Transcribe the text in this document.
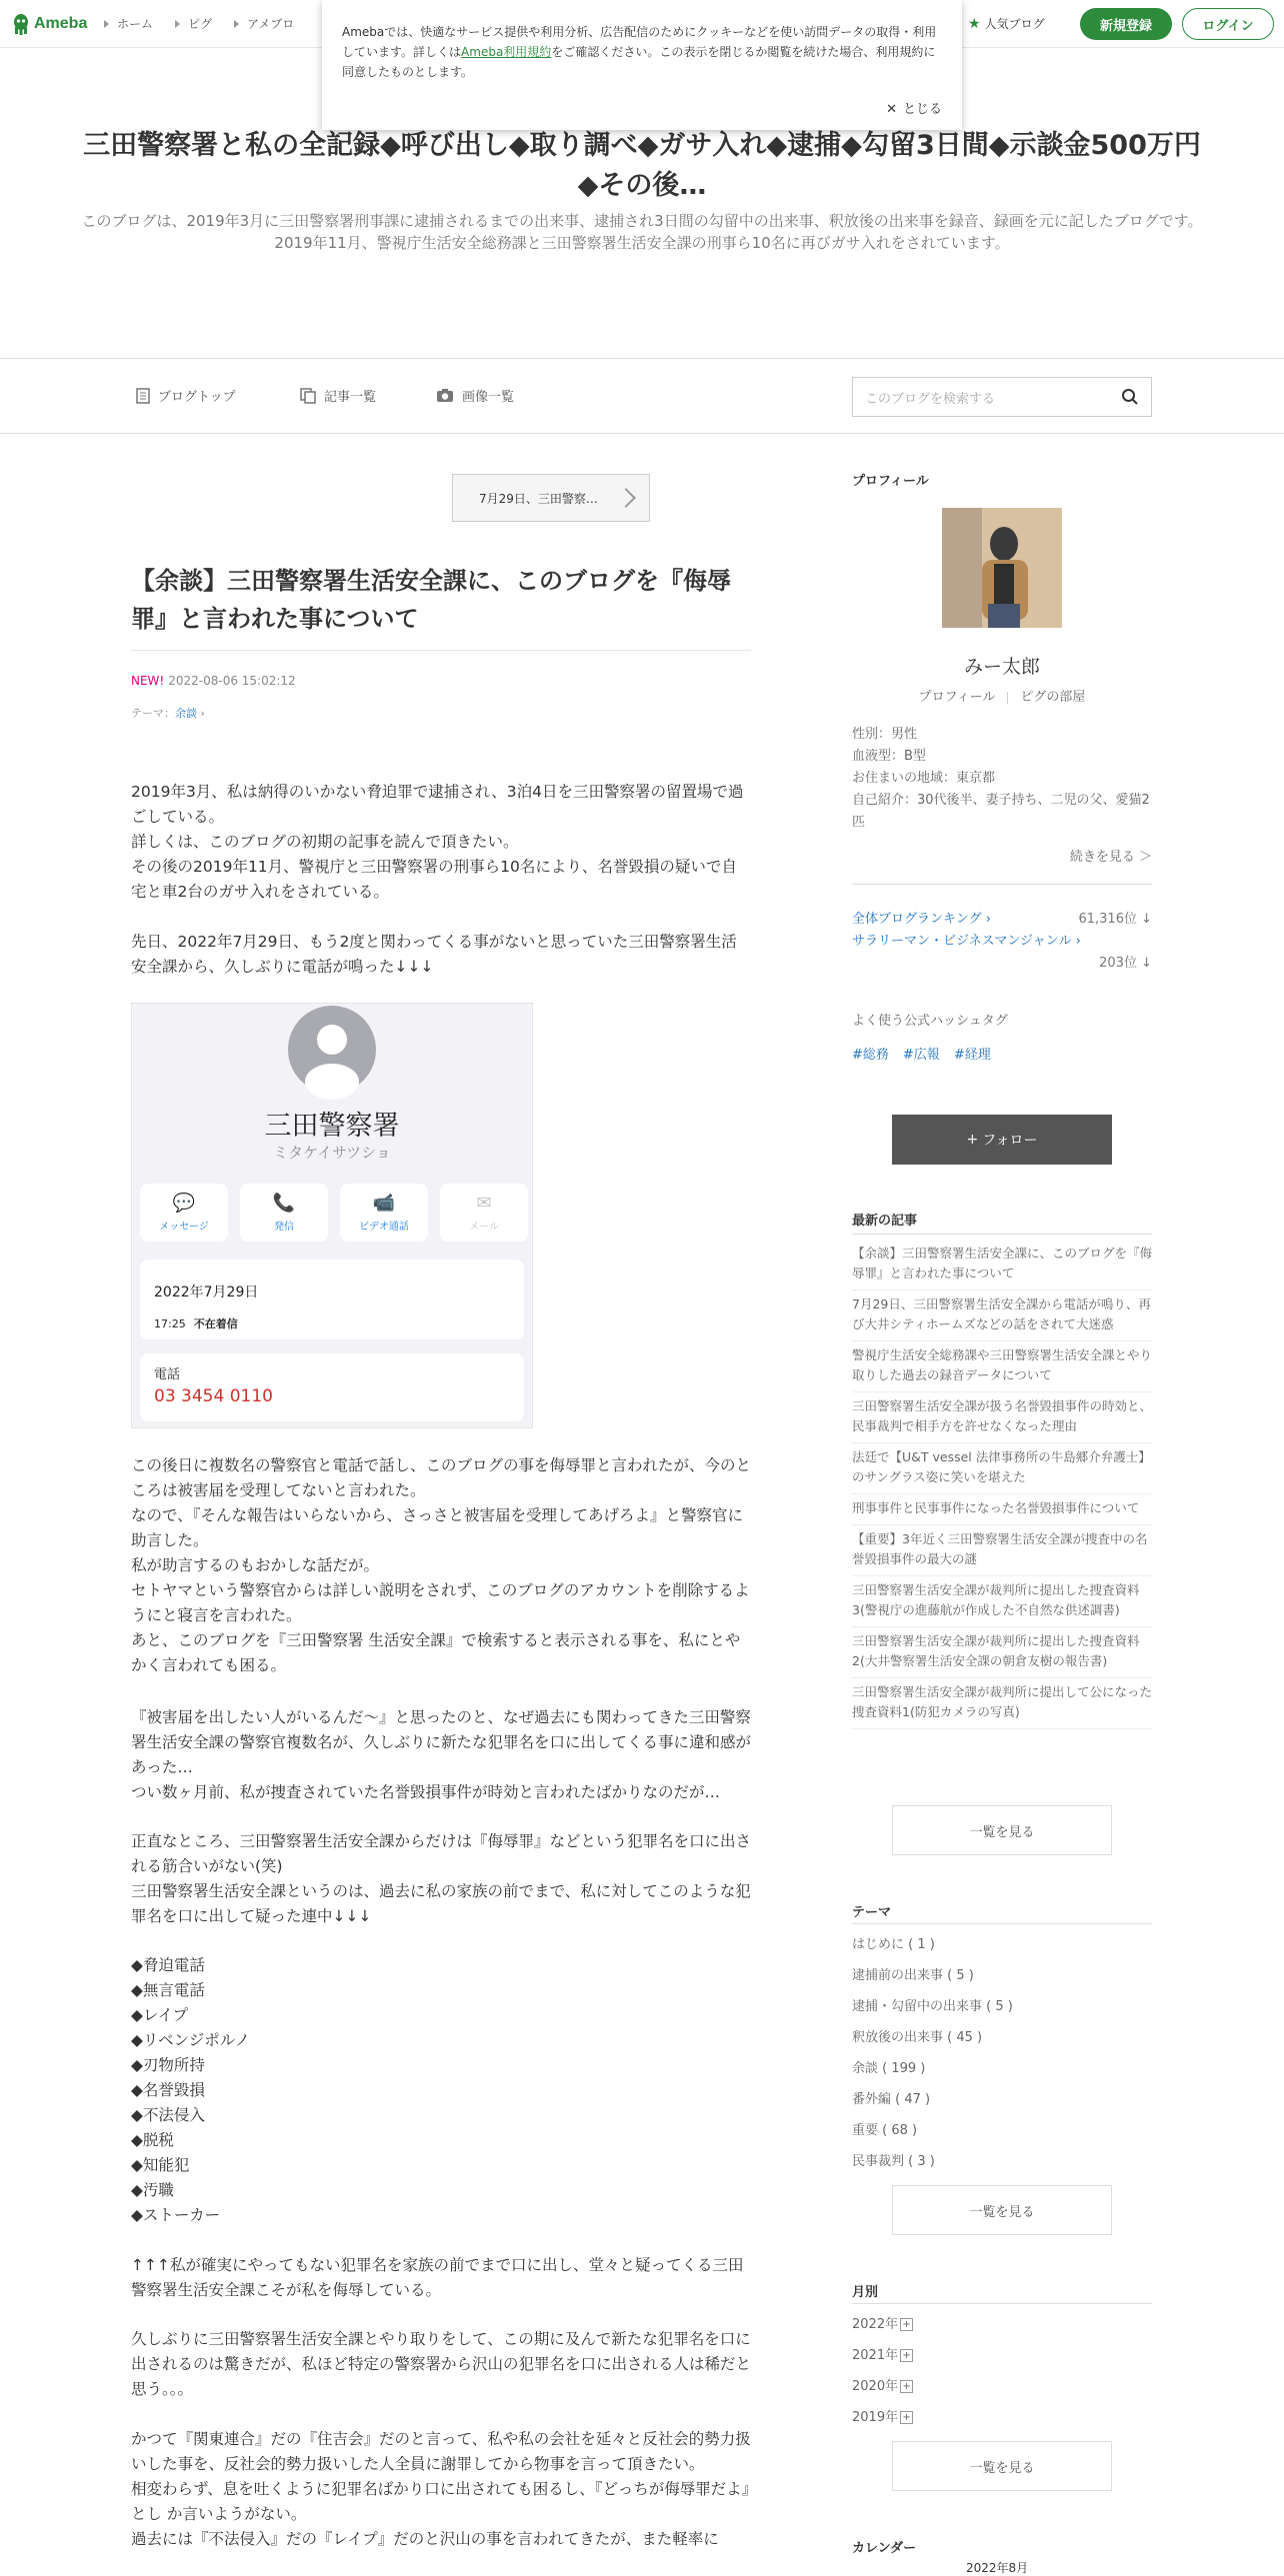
Ameba ホーム	ピグ	アメブロ	★ 人気ブログ	新規登録	ログイン
Amebaでは、快適なサービス提供や利用分析、広告配信のためにクッキーなどを使い訪問データの取得・利用しています。詳しくはAmeba利用規約をご確認ください。この表示を閉じるか閲覧を続けた場合、利用規約に同意したものとします。
✕ とじる
三田警察署と私の全記録◆呼び出し◆取り調べ◆ガサ入れ◆逮捕◆勾留3日間◆示談金500万円◆その後…
このブログは、2019年3月に三田警察署刑事課に逮捕されるまでの出来事、逮捕され3日間の勾留中の出来事、釈放後の出来事を録音、録画を元に記したブログです。
2019年11月、警視庁生活安全総務課と三田警察署生活安全課の刑事ら10名に再びガサ入れをされています。
ブログトップ	記事一覧	画像一覧	このブログを検索する
7月29日、三田警察…
【余談】三田警察署生活安全課に、このブログを『侮辱罪』と言われた事について
NEW! 2022-08-06 15:02:12
テーマ：余談 ›
2019年3月、私は納得のいかない脅迫罪で逮捕され、3泊4日を三田警察署の留置場で過ごしている。
詳しくは、このブログの初期の記事を読んで頂きたい。
その後の2019年11月、警視庁と三田警察署の刑事ら10名により、名誉毀損の疑いで自宅と車2台のガサ入れをされている。
先日、2022年7月29日、もう2度と関わってくる事がないと思っていた三田警察署生活安全課から、久しぶりに電話が鳴った↓↓↓
三田警察署
ミタケイサツショ
💬
メッセージ
📞
発信
📹
ビデオ通話
✉
メール
2022年7月29日
17:25 不在着信
電話
03 3454 0110
この後日に複数名の警察官と電話で話し、このブログの事を侮辱罪と言われたが、今のところは被害届を受理してないと言われた。
なので、『そんな報告はいらないから、さっさと被害届を受理してあげろよ』と警察官に助言した。
私が助言するのもおかしな話だが。
セトヤマという警察官からは詳しい説明をされず、このブログのアカウントを削除するようにと寝言を言われた。
あと、このブログを『三田警察署 生活安全課』で検索すると表示される事を、私にとやかく言われても困る。
『被害届を出したい人がいるんだ〜』と思ったのと、なぜ過去にも関わってきた三田警察署生活安全課の警察官複数名が、久しぶりに新たな犯罪名を口に出してくる事に違和感があった…
つい数ヶ月前、私が捜査されていた名誉毀損事件が時効と言われたばかりなのだが…
正直なところ、三田警察署生活安全課からだけは『侮辱罪』などという犯罪名を口に出される筋合いがない(笑)
三田警察署生活安全課というのは、過去に私の家族の前でまで、私に対してこのような犯罪名を口に出して疑った連中↓↓↓
◆脅迫電話
◆無言電話
◆レイプ
◆リベンジポルノ
◆刃物所持
◆名誉毀損
◆不法侵入
◆脱税
◆知能犯
◆汚職
◆ストーカー
↑↑↑私が確実にやってもない犯罪名を家族の前でまで口に出し、堂々と疑ってくる三田警察署生活安全課こそが私を侮辱している。
久しぶりに三田警察署生活安全課とやり取りをして、この期に及んで新たな犯罪名を口に出されるのは驚きだが、私ほど特定の警察署から沢山の犯罪名を口に出される人は稀だと思う。。。
かつて『関東連合』だの『住吉会』だのと言って、私や私の会社を延々と反社会的勢力扱いした事を、反社会的勢力扱いした人全員に謝罪してから物事を言って頂きたい。
相変わらず、息を吐くように犯罪名ばかり口に出されても困るし、『どっちが侮辱罪だよ』とし か言いようがない。
過去には『不法侵入』だの『レイプ』だのと沢山の事を言われてきたが、また軽率に
プロフィール
みー太郎
プロフィール ピグの部屋
性別：男性
血液型：B型
お住まいの地域：東京都
自己紹介：30代後半、妻子持ち、二児の父、愛猫2匹
続きを見る ＞
全体ブログランキング ›	61,316位 ↓
サラリーマン・ビジネスマンジャンル ›
203位 ↓
よく使う公式ハッシュタグ
#総務 #広報 #経理
+ フォロー
最新の記事
【余談】三田警察署生活安全課に、このブログを『侮辱罪』と言われた事について
7月29日、三田警察署生活安全課から電話が鳴り、再び大井シティホームズなどの話をされて大迷惑
警視庁生活安全総務課や三田警察署生活安全課とやり取りした過去の録音データについて
三田警察署生活安全課が扱う名誉毀損事件の時効と、民事裁判で相手方を許せなくなった理由
法廷で【U&T vessel 法律事務所の牛島郷介弁護士】のサングラス姿に笑いを堪えた
刑事事件と民事事件になった名誉毀損事件について
【重要】3年近く三田警察署生活安全課が捜査中の名誉毀損事件の最大の謎
三田警察署生活安全課が裁判所に提出した捜査資料3(警視庁の進藤航が作成した不自然な供述調書)
三田警察署生活安全課が裁判所に提出した捜査資料2(大井警察署生活安全課の朝倉友樹の報告書)
三田警察署生活安全課が裁判所に提出して公になった捜査資料1(防犯カメラの写真)
一覧を見る
テーマ
はじめに ( 1 )
逮捕前の出来事 ( 5 )
逮捕・勾留中の出来事 ( 5 )
釈放後の出来事 ( 45 )
余談 ( 199 )
番外編 ( 47 )
重要 ( 68 )
民事裁判 ( 3 )
一覧を見る
月別
2022年 +
2021年 +
2020年 +
2019年 +
一覧を見る
カレンダー
2022年8月
